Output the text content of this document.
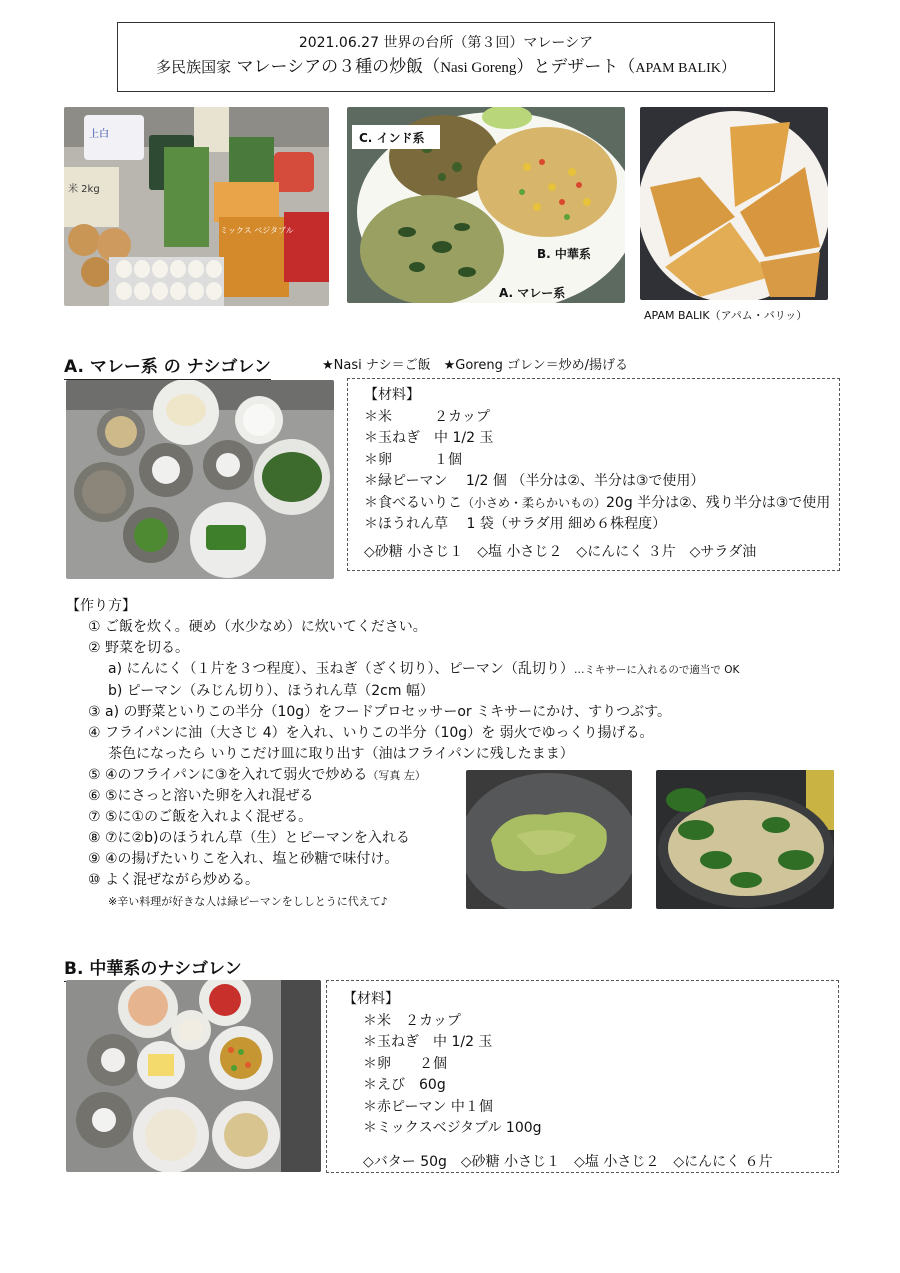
2021.06.27 世界の台所（第３回）マレーシア
多民族国家 マレーシアの３種の炒飯（Nasi Goreng）とデザート（APAM BALIK）
上白
米 2kg
ミックス ベジタブル
C. インド系
B. 中華系
A. マレー系
APAM BALIK（アパム・バリッ）
A. マレー系 の ナシゴレン	★Nasi ナシ＝ご飯　★Goreng ゴレン＝炒め/揚げる
【材料】
＊米　　　２カップ
＊玉ねぎ　中 1/2 玉
＊卵　　　１個
＊緑ピーマン　 1/2 個 （半分は②、半分は③で使用）
＊食べるいりこ（小さめ・柔らかいもの）20g 半分は②、残り半分は③で使用
＊ほうれん草　 1 袋（サラダ用 細め６株程度）
◇砂糖 小さじ１　◇塩 小さじ２　◇にんにく ３片　◇サラダ油
【作り方】
① ご飯を炊く。硬め（水少なめ）に炊いてください。
② 野菜を切る。
a) にんにく（１片を３つ程度）、玉ねぎ（ざく切り）、ピーマン（乱切り）…ミキサーに入れるので適当で OK
b) ピーマン（みじん切り）、ほうれん草（2cm 幅）
③ a) の野菜といりこの半分（10g）をフードプロセッサーor ミキサーにかけ、すりつぶす。
④ フライパンに油（大さじ 4）を入れ、いりこの半分（10g）を 弱火でゆっくり揚げる。
茶色になったら いりこだけ皿に取り出す（油はフライパンに残したまま）
⑤ ④のフライパンに③を入れて弱火で炒める（写真 左）
⑥ ⑤にさっと溶いた卵を入れ混ぜる
⑦ ⑤に①のご飯を入れよく混ぜる。
⑧ ⑦に②b)のほうれん草（生）とピーマンを入れる
⑨ ④の揚げたいりこを入れ、塩と砂糖で味付け。
⑩ よく混ぜながら炒める。
※辛い料理が好きな人は緑ピーマンをししとうに代えて♪
B. 中華系のナシゴレン
【材料】
＊米　２カップ
＊玉ねぎ　中 1/2 玉
＊卵　　２個
＊えび　60g
＊赤ピーマン 中１個
＊ミックスベジタブル 100g
◇バター 50g　◇砂糖 小さじ１　◇塩 小さじ２　◇にんにく ６片
